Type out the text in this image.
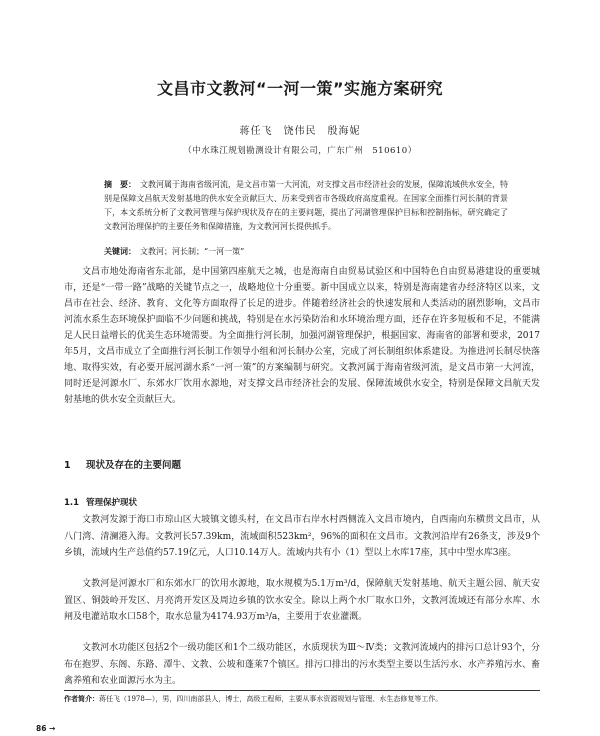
文昌市文教河“一河一策”实施方案研究
蒋任飞　饶伟民　殷海妮
（中水珠江规划勘测设计有限公司，广东广州　510610）
摘　要： 文教河属于海南省级河流，是文昌市第一大河流，对支撑文昌市经济社会的发展，保障流域供水安全，特别是保障文昌航天发射基地的供水安全贡献巨大、历来受到省市各级政府高度重视。在国家全面推行河长制的背景下，本文系统分析了文教河管理与保护现状及存在的主要问题，提出了河湖管理保护目标和控制指标，研究确定了文教河治理保护的主要任务和保障措施，为文教河河长提供抓手。
关键词： 文教河；河长制；“一河一策”
文昌市地处海南省东北部，是中国第四座航天之城，也是海南自由贸易试验区和中国特色自由贸易港建设的重要城市，还是“一带一路”战略的关键节点之一，战略地位十分重要。新中国成立以来，特别是海南建省办经济特区以来，文昌市在社会、经济、教育、文化等方面取得了长足的进步。伴随着经济社会的快速发展和人类活动的剧烈影响，文昌市河流水系生态环境保护面临不少问题和挑战，特别是在水污染防治和水环境治理方面，还存在许多短板和不足，不能满足人民日益增长的优美生态环境需要。为全面推行河长制，加强河湖管理保护，根据国家、海南省的部署和要求，2017年5月，文昌市成立了全面推行河长制工作领导小组和河长制办公室，完成了河长制组织体系建设。为推进河长制尽快落地、取得实效，有必要开展河湖水系“一河一策”的方案编制与研究。文教河属于海南省级河流，是文昌市第一大河流，同时还是河源水厂、东郊水厂饮用水源地，对支撑文昌市经济社会的发展、保障流域供水安全，特别是保障文昌航天发射基地的供水安全贡献巨大。
1 现状及存在的主要问题
1.1 管理保护现状
文教河发源于海口市琼山区大坡镇文德头村，在文昌市右岸水村西侧流入文昌市境内，自西南向东横贯文昌市，从八门湾、清澜港入海。文教河长57.39km，流域面积523km²，96%的面积在文昌市。文教河沿岸有26条支，涉及9个乡镇，流域内生产总值约57.19亿元，人口10.14万人。流域内共有小（1）型以上水库17座，其中中型水库3座。
文教河是河源水厂和东郊水厂的饮用水源地，取水规模为5.1万m³/d，保障航天发射基地、航天主题公园、航天安置区、铜鼓岭开发区、月亮湾开发区及周边乡镇的饮水安全。除以上两个水厂取水口外，文教河流域还有部分水库、水闸及电灌站取水口58个，取水总量为4174.93万m³/a，主要用于农业灌溉。
文教河水功能区包括2个一级功能区和1个二级功能区，水质现状为Ⅲ～Ⅳ类；文教河流域内的排污口总计93个，分布在抱罗、东阁、东路、潭牛、文教、公坡和蓬莱7个镇区。排污口排出的污水类型主要以生活污水、水产养殖污水、畜禽养殖和农业面源污水为主。
作者简介：蒋任飞（1978—），男，四川南部县人，博士，高级工程师，主要从事水资源规划与管理、水生态修复等工作。
86 →
